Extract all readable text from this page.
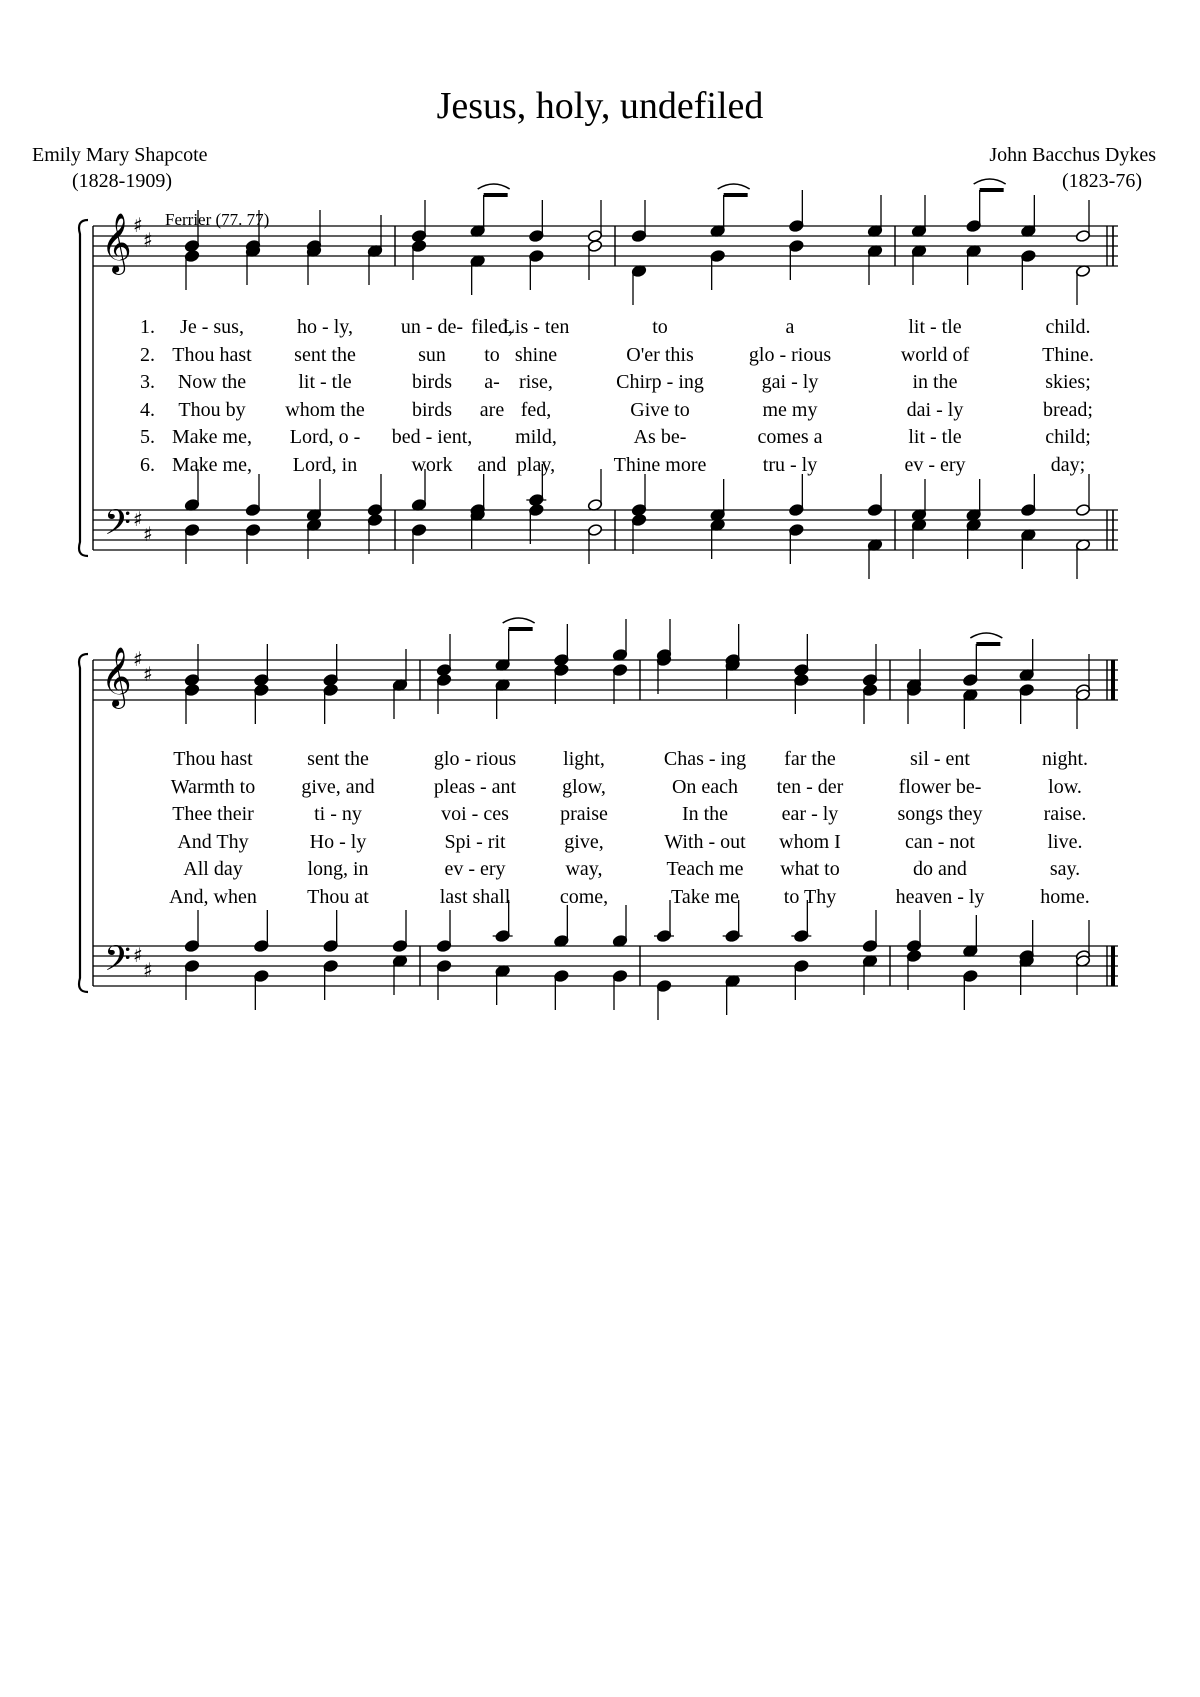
Jesus, holy, undefiled
Emily Mary Shapcote
(1828-1909)
John Bacchus Dykes
(1823-76)
Ferrier (77. 77)
𝄞
𝄢
♯
♯
♯
♯
𝄞
𝄢
♯
♯
♯
♯
1. Je - sus,	ho - ly, un - de- filed,
Lis - ten	to	a	lit - tle	child.
2. Thou hast sent the	sun to shine	O'er this	glo - rious	world of	Thine.
3. Now the	lit - tle	birds a- rise,	Chirp - ing	gai - ly	in the	skies;
4. Thou by whom the birds are fed,	Give to	me my	dai - ly	bread;
5. Make me, Lord, o - bed - ient, mild,	As be-	comes a	lit - tle	child;
6. Make me, Lord, in	work and play,	Thine more	tru - ly	ev - ery	day;
Thou hast	sent the	glo - rious light,	Chas - ing far the	sil - ent	night.
Warmth to give, and	pleas - ant glow,	On each ten - der	flower be-	low.
Thee their	ti - ny	voi - ces	praise	In the	ear - ly	songs they	raise.
And Thy	Ho - ly	Spi - rit	give,	With - out whom I	can - not	live.
All day	long, in	ev - ery	way,	Teach me what to	do and	say.
And, when	Thou at	last shall come,	Take me to Thy	heaven - ly	home.
